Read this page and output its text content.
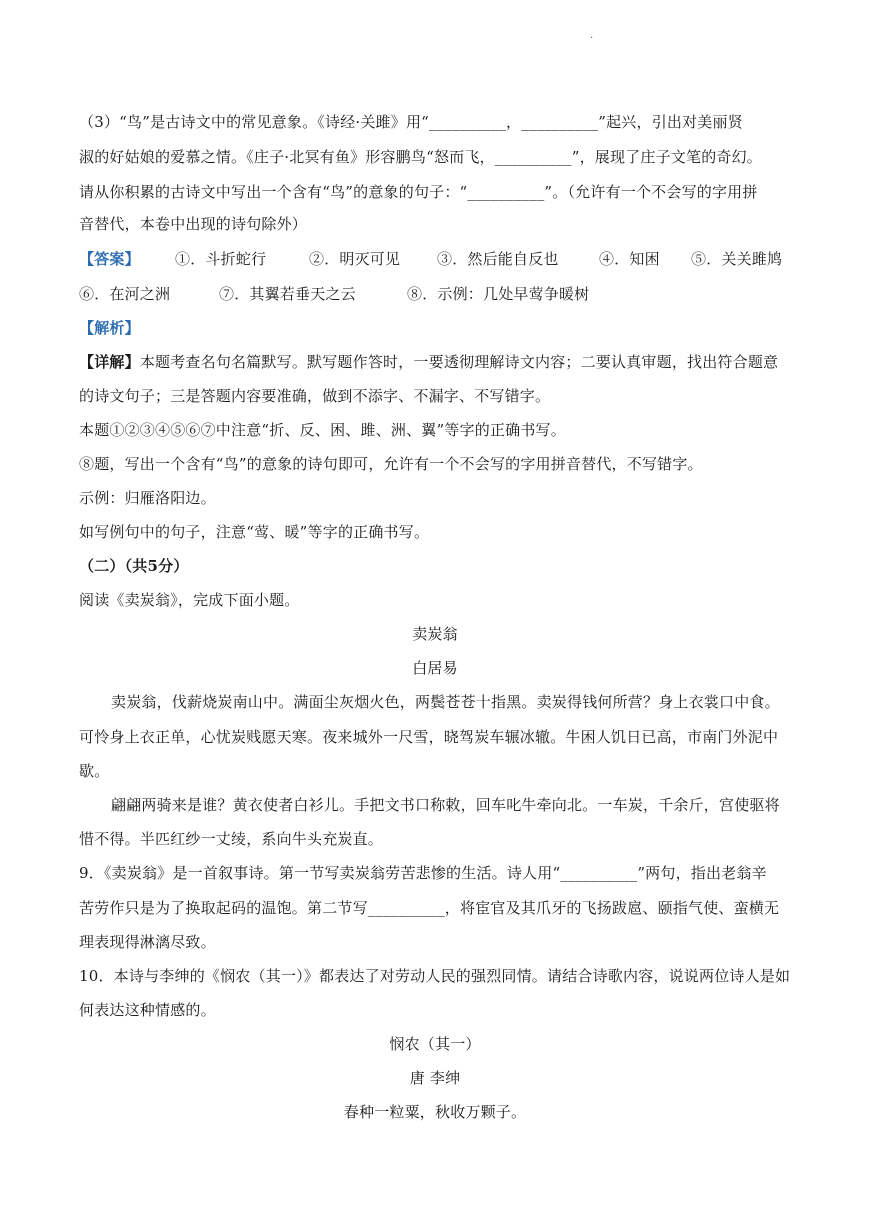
.
（3）“鸟”是古诗文中的常见意象。《诗经·关雎》用“__________，__________”起兴，引出对美丽贤
淑的好姑娘的爱慕之情。《庄子·北冥有鱼》形容鹏鸟“怒而飞，__________”，展现了庄子文笔的奇幻。
请从你积累的古诗文中写出一个含有“鸟”的意象的句子：“__________”。（允许有一个不会写的字用拼
音替代，本卷中出现的诗句除外）
【答案】 ①．斗折蛇行	②．明灭可见 ③．然后能自反也	④．知困 ⑤．关关雎鸠
⑥．在河之洲	⑦．其翼若垂天之云	⑧．示例：几处早莺争暖树
【解析】
【详解】本题考查名句名篇默写。默写题作答时，一要透彻理解诗文内容；二要认真审题，找出符合题意
的诗文句子；三是答题内容要准确，做到不添字、不漏字、不写错字。
本题①②③④⑤⑥⑦中注意“折、反、困、雎、洲、翼”等字的正确书写。
⑧题，写出一个含有“鸟”的意象的诗句即可，允许有一个不会写的字用拼音替代，不写错字。
示例：归雁洛阳边。
如写例句中的句子，注意“莺、暖”等字的正确书写。
（二）（共5分）
阅读《卖炭翁》，完成下面小题。
卖炭翁
白居易
卖炭翁，伐薪烧炭南山中。满面尘灰烟火色，两鬓苍苍十指黑。卖炭得钱何所营？身上衣裳口中食。
可怜身上衣正单，心忧炭贱愿天寒。夜来城外一尺雪，晓驾炭车辗冰辙。牛困人饥日已高，市南门外泥中
歇。
翩翩两骑来是谁？黄衣使者白衫儿。手把文书口称敕，回车叱牛牵向北。一车炭，千余斤，宫使驱将
惜不得。半匹红纱一丈绫，系向牛头充炭直。
9．《卖炭翁》是一首叙事诗。第一节写卖炭翁劳苦悲惨的生活。诗人用“__________”两句，指出老翁辛
苦劳作只是为了换取起码的温饱。第二节写__________，将宦官及其爪牙的飞扬跋扈、颐指气使、蛮横无
理表现得淋漓尽致。
10．本诗与李绅的《悯农（其一）》都表达了对劳动人民的强烈同情。请结合诗歌内容，说说两位诗人是如
何表达这种情感的。
悯农（其一）
唐 李绅
春种一粒粟，秋收万颗子。
